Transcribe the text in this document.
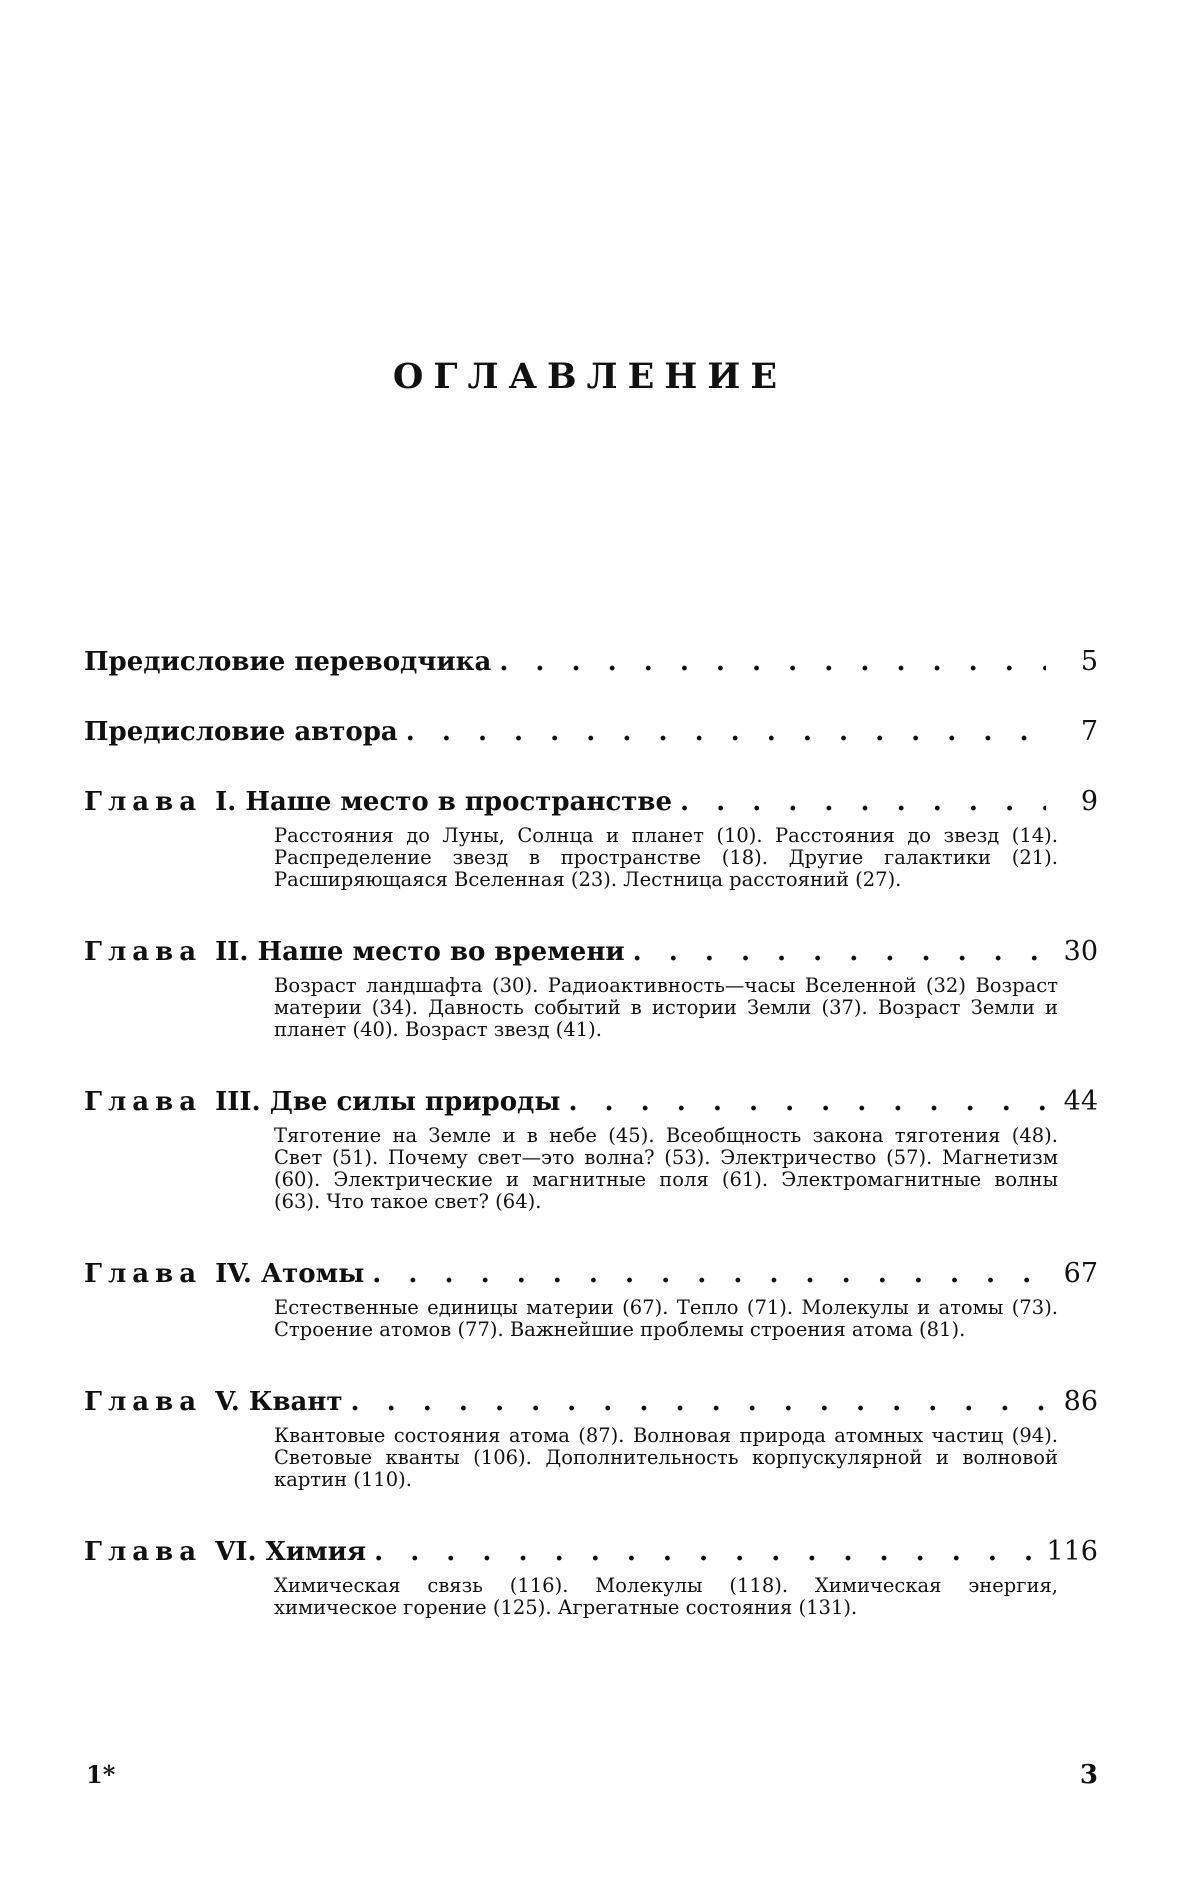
ОГЛАВЛЕНИЕ
Предисловие переводчика . . .	5
Предисловие автора . . .	7
Глава I. Наше место в пространстве . . .	9
Расстояния до Луны, Солнца и планет (10). Расстояния до звезд (14). Распределение звезд в пространстве (18). Другие галактики (21). Расширяющаяся Вселенная (23). Лестница расстояний (27).
Глава II. Наше место во времени . . .	30
Возраст ландшафта (30). Радиоактивность—часы Вселенной (32) Возраст материи (34). Давность событий в истории Земли (37). Возраст Земли и планет (40). Возраст звезд (41).
Глава III. Две силы природы . . .	44
Тяготение на Земле и в небе (45). Всеобщность закона тяготения (48). Свет (51). Почему свет—это волна? (53). Электричество (57). Магнетизм (60). Электрические и магнитные поля (61). Электромагнитные волны (63). Что такое свет? (64).
Глава IV. Атомы . . .	67
Естественные единицы материи (67). Тепло (71). Молекулы и атомы (73). Строение атомов (77). Важнейшие проблемы строения атома (81).
Глава V. Квант . . .	86
Квантовые состояния атома (87). Волновая природа атомных частиц (94). Световые кванты (106). Дополнительность корпускулярной и волновой картин (110).
Глава VI. Химия . . .	116
Химическая связь (116). Молекулы (118). Химическая энергия, химическое горение (125). Агрегатные состояния (131).
1*	3
